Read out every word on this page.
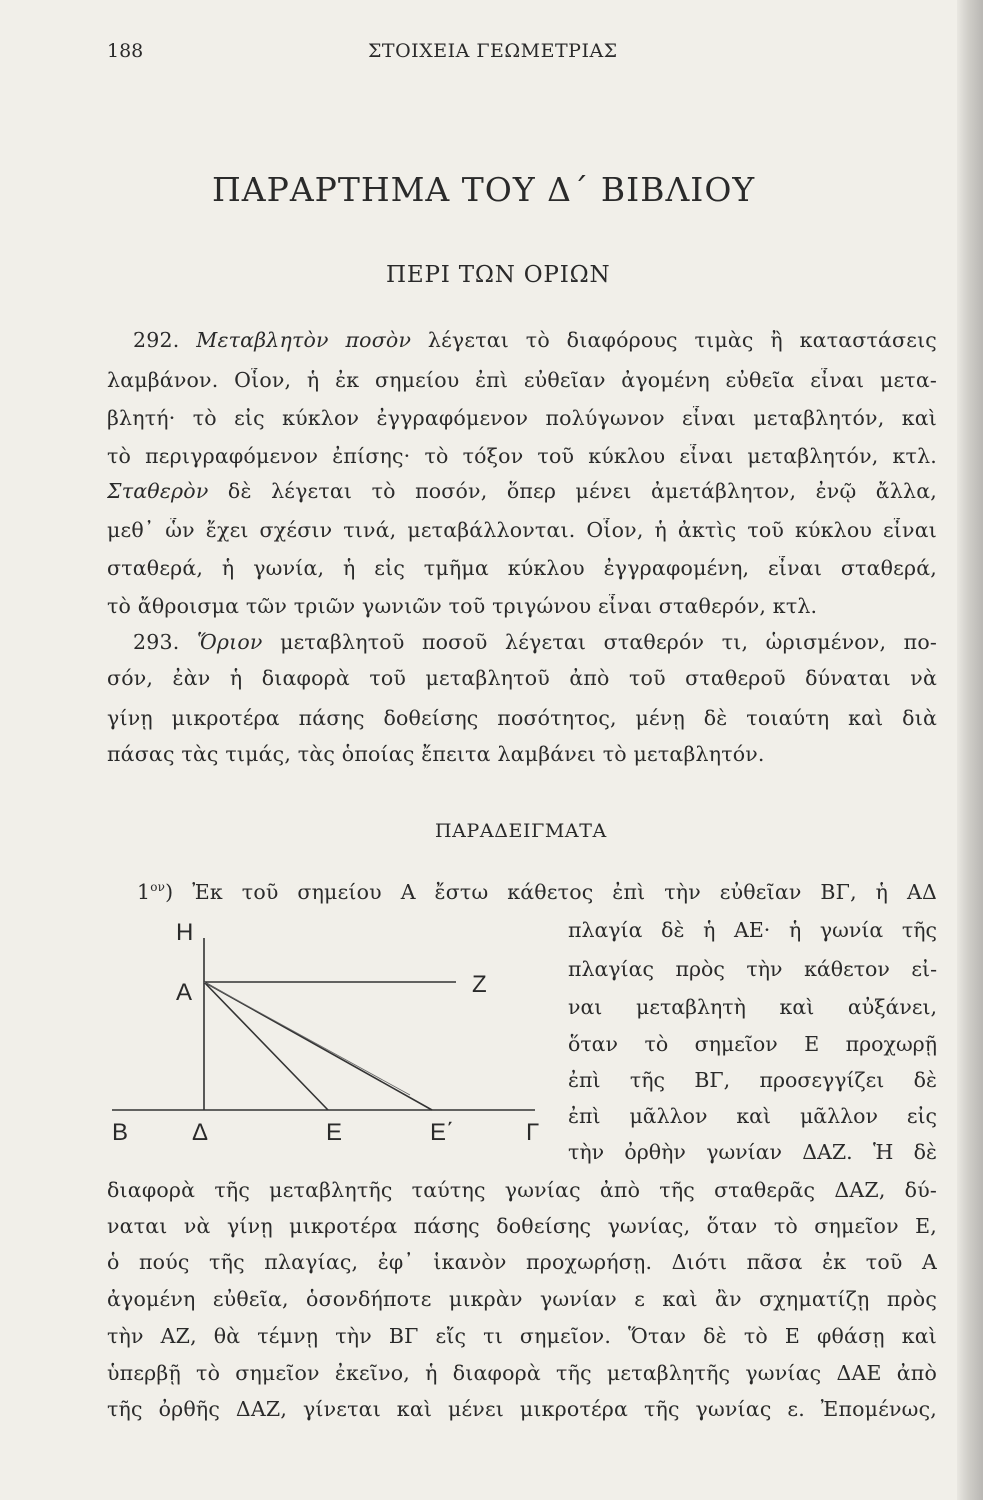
188	ΣΤΟΙΧΕΙΑ ΓΕΩΜΕΤΡΙΑΣ
ΠΑΡΑΡΤΗΜΑ ΤΟΥ Δ΄ ΒΙΒΛΙΟΥ
ΠΕΡΙ ΤΩΝ ΟΡΙΩΝ
292. Μεταβλητὸν ποσὸν λέγεται τὸ διαφόρους τιμὰς ἢ καταστάσεις
λαμβάνον. Οἷον, ἡ ἐκ σημείου ἐπὶ εὐθεῖαν ἀγομένη εὐθεῖα εἶναι μετα-
βλητή· τὸ εἰς κύκλον ἐγγραφόμενον πολύγωνον εἶναι μεταβλητόν, καὶ
τὸ περιγραφόμενον ἐπίσης· τὸ τόξον τοῦ κύκλου εἶναι μεταβλητόν, κτλ.
Σταθερὸν δὲ λέγεται τὸ ποσόν, ὅπερ μένει ἀμετάβλητον, ἐνῷ ἄλλα,
μεθ᾽ ὧν ἔχει σχέσιν τινά, μεταβάλλονται. Οἷον, ἡ ἀκτὶς τοῦ κύκλου εἶναι
σταθερά, ἡ γωνία, ἡ εἰς τμῆμα κύκλου ἐγγραφομένη, εἶναι σταθερά,
τὸ ἄθροισμα τῶν τριῶν γωνιῶν τοῦ τριγώνου εἶναι σταθερόν, κτλ.
293. Ὅριον μεταβλητοῦ ποσοῦ λέγεται σταθερόν τι, ὡρισμένον, πο-
σόν, ἐὰν ἡ διαφορὰ τοῦ μεταβλητοῦ ἀπὸ τοῦ σταθεροῦ δύναται νὰ
γίνῃ μικροτέρα πάσης δοθείσης ποσότητος, μένῃ δὲ τοιαύτη καὶ διὰ
πάσας τὰς τιμάς, τὰς ὁποίας ἔπειτα λαμβάνει τὸ μεταβλητόν.
ΠΑΡΑΔΕΙΓΜΑΤΑ
$1^{o\nu}$) Ἐκ τοῦ σημείου Α ἔστω κάθετος ἐπὶ τὴν εὐθεῖαν ΒΓ, ἡ ΑΔ
πλαγία δὲ ἡ ΑΕ· ἡ γωνία τῆς
πλαγίας πρὸς τὴν κάθετον εἰ-
ναι μεταβλητὴ καὶ αὐξάνει,
ὅταν τὸ σημεῖον Ε προχωρῇ
ἐπὶ τῆς ΒΓ, προσεγγίζει δὲ
ἐπὶ μᾶλλον καὶ μᾶλλον εἰς
τὴν ὀρθὴν γωνίαν ΔΑΖ. Ἡ δὲ
Η
Α	Ζ
Β	Δ	Ε	Ε΄	Γ
διαφορὰ τῆς μεταβλητῆς ταύτης γωνίας ἀπὸ τῆς σταθερᾶς ΔΑΖ, δύ-
ναται νὰ γίνῃ μικροτέρα πάσης δοθείσης γωνίας, ὅταν τὸ σημεῖον Ε,
ὁ πούς τῆς πλαγίας, ἐφ᾽ ἱκανὸν προχωρήσῃ. Διότι πᾶσα ἐκ τοῦ Α
ἀγομένη εὐθεῖα, ὁσονδήποτε μικρὰν γωνίαν ε καὶ ἂν σχηματίζῃ πρὸς
τὴν ΑΖ, θὰ τέμνῃ τὴν ΒΓ εἴς τι σημεῖον. Ὅταν δὲ τὸ Ε φθάσῃ καὶ
ὑπερβῇ τὸ σημεῖον ἐκεῖνο, ἡ διαφορὰ τῆς μεταβλητῆς γωνίας ΔΑΕ ἀπὸ
τῆς ὀρθῆς ΔΑΖ, γίνεται καὶ μένει μικροτέρα τῆς γωνίας ε. Ἐπομένως,
